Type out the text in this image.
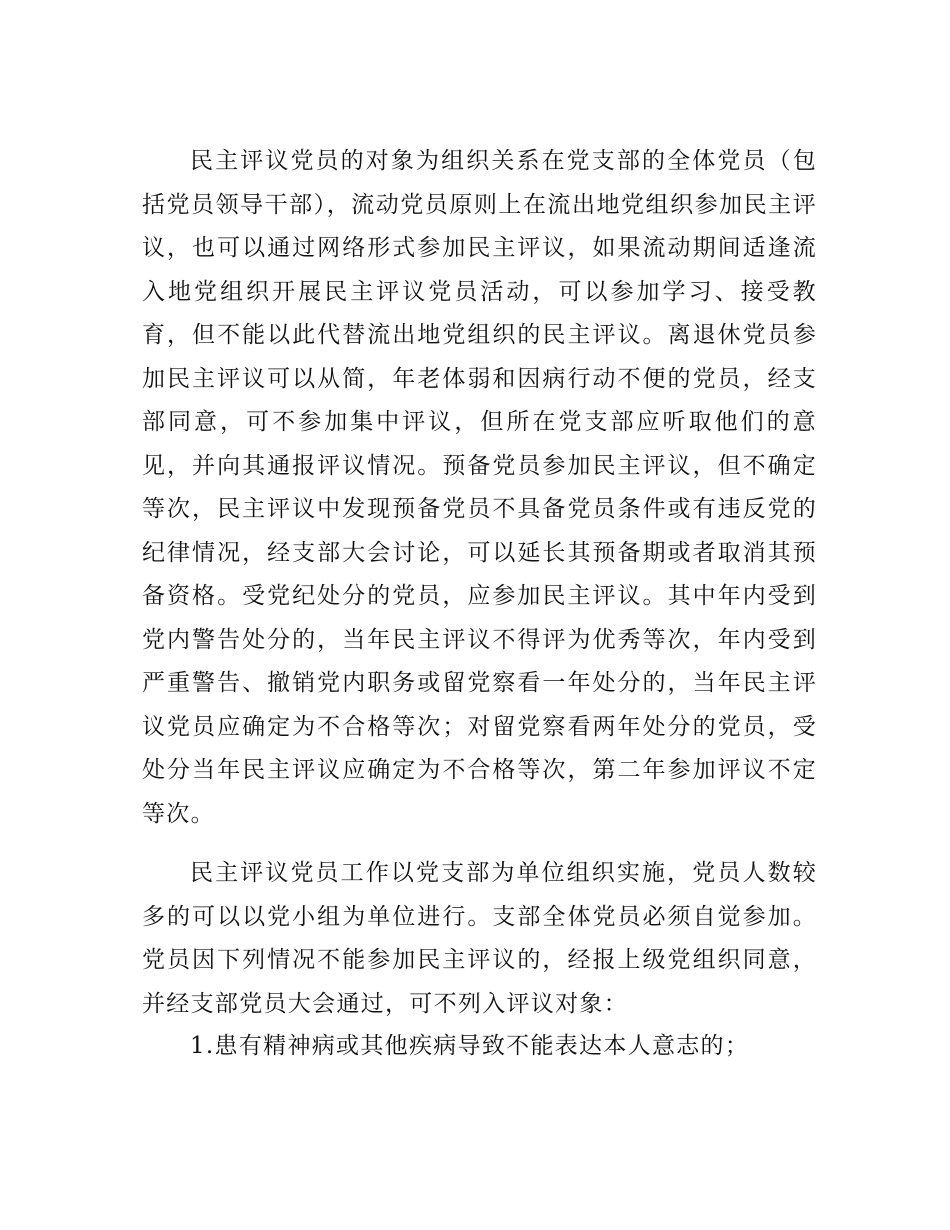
民主评议党员的对象为组织关系在党支部的全体党员（包括党员领导干部），流动党员原则上在流出地党组织参加民主评议，也可以通过网络形式参加民主评议，如果流动期间适逢流入地党组织开展民主评议党员活动，可以参加学习、接受教育，但不能以此代替流出地党组织的民主评议。离退休党员参加民主评议可以从简，年老体弱和因病行动不便的党员，经支部同意，可不参加集中评议，但所在党支部应听取他们的意见，并向其通报评议情况。预备党员参加民主评议，但不确定等次，民主评议中发现预备党员不具备党员条件或有违反党的纪律情况，经支部大会讨论，可以延长其预备期或者取消其预备资格。受党纪处分的党员，应参加民主评议。其中年内受到党内警告处分的，当年民主评议不得评为优秀等次，年内受到严重警告、撤销党内职务或留党察看一年处分的，当年民主评议党员应确定为不合格等次；对留党察看两年处分的党员，受处分当年民主评议应确定为不合格等次，第二年参加评议不定等次。

民主评议党员工作以党支部为单位组织实施，党员人数较多的可以以党小组为单位进行。支部全体党员必须自觉参加。党员因下列情况不能参加民主评议的，经报上级党组织同意，并经支部党员大会通过，可不列入评议对象：

1.患有精神病或其他疾病导致不能表达本人意志的；
